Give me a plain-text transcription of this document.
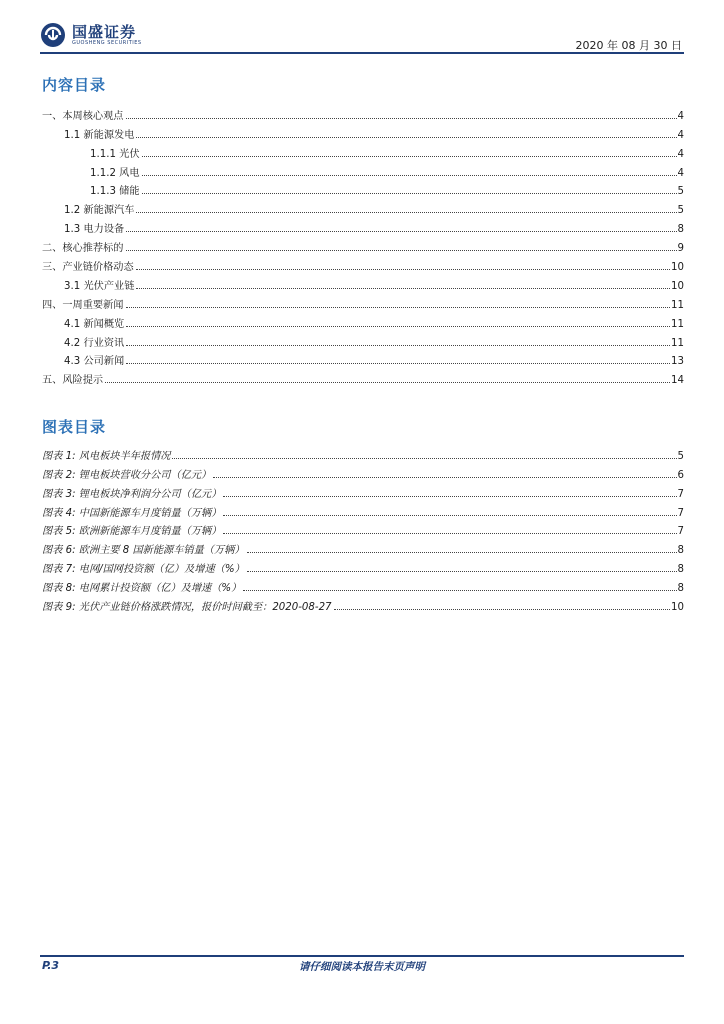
国盛证券
GUOSHENG SECURITIES	2020 年 08 月 30 日
内容目录
一、本周核心观点	4
1.1 新能源发电	4
1.1.1 光伏	4
1.1.2 风电	4
1.1.3 储能	5
1.2 新能源汽车	5
1.3 电力设备	8
二、核心推荐标的	9
三、产业链价格动态	10
3.1 光伏产业链	10
四、一周重要新闻	11
4.1 新闻概览	11
4.2 行业资讯	11
4.3 公司新闻	13
五、风险提示	14
图表目录
图表 1: 风电板块半年报情况	5
图表 2: 锂电板块营收分公司（亿元）	6
图表 3: 锂电板块净利润分公司（亿元）	7
图表 4: 中国新能源车月度销量（万辆）	7
图表 5: 欧洲新能源车月度销量（万辆）	7
图表 6: 欧洲主要 8 国新能源车销量（万辆）	8
图表 7: 电网/国网投资额（亿）及增速（%）	8
图表 8: 电网累计投资额（亿）及增速（%）	8
图表 9: 光伏产业链价格涨跌情况，报价时间截至：2020-08-27	10
请仔细阅读本报告末页声明
P.3
